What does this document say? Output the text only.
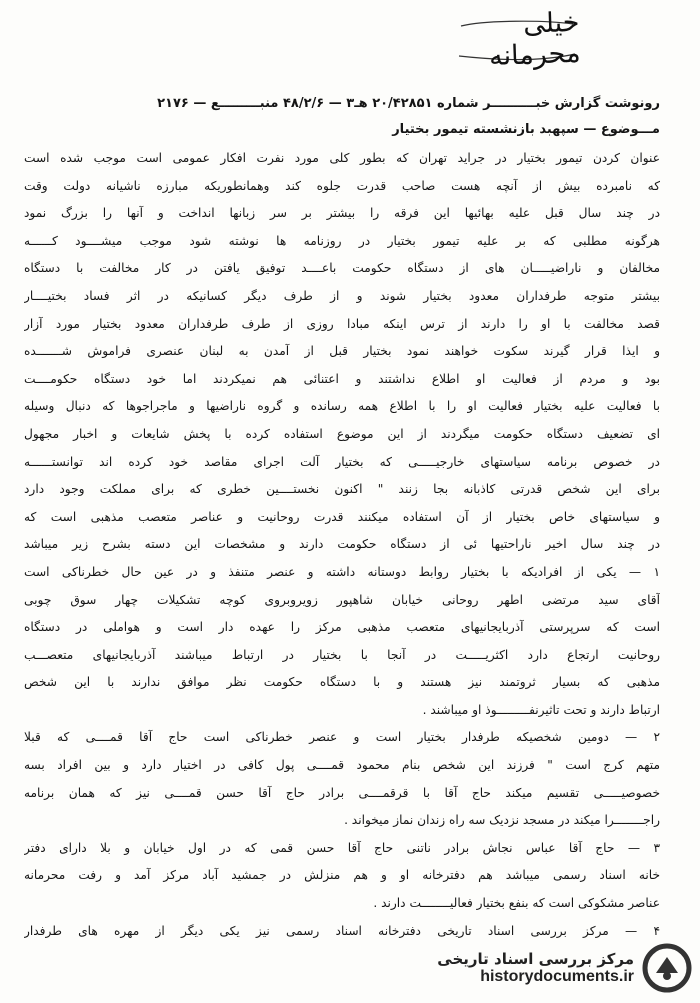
خیلی محرمانه
رونوشت گزارش خبــــــــــر شماره ۲۰/۴۲۸۵۱ هـ۳ — ۴۸/۲/۶ منبـــــــــع — ۲۱۷۶
مـــوضوع — سپهبد بازنشسته تیمور بختیار
عنوان کردن تیمور بختیار در جراید تهران که بطور کلی مورد نفرت افکار عمومی است موجب شده است
که نامبرده بیش از آنچه هست صاحب قدرت جلوه کند وهمانطوریکه مبارزه ناشیانه دولت وقت
در چند سال قبل علیه بهائیها این فرقه را بیشتر بر سر زبانها انداخت و آنها را بزرگ نمود
هرگونه مطلبی که بر علیه تیمور بختیار در روزنامه ها نوشته شود موجب میشــــود کــــــه
مخالفان و ناراضیـــــان های از دستگاه حکومت باعــــد توفیق یافتن در کار مخالفت با دستگاه
بیشتر متوجه طرفداران معدود بختیار شوند و از طرف دیگر کسانیکه در اثر فساد بختیــــار
قصد مخالفت با او را دارند از ترس اینکه مبادا روزی از طرف طرفداران معدود بختیار مورد آزار
و ایذا قرار گیرند سکوت خواهند نمود بختیار قبل از آمدن به لبنان عنصری فراموش شـــــــده
بود و مردم از فعالیت او اطلاع نداشتند و اعتنائی هم نمیکردند اما خود دستگاه حکومــــت
با فعالیت علیه بختیار فعالیت او را با اطلاع همه رسانده و گروه ناراضیها و ماجراجوها که دنبال وسیله
ای تضعیف دستگاه حکومت میگردند از این موضوع استفاده کرده با پخش شایعات و اخبار مجهول
در خصوص برنامه سیاستهای خارجیـــــی که بختیار آلت اجرای مقاصد خود کرده اند توانستــــــه
برای این شخص قدرتی کاذبانه بجا زنند " اکنون نخستــــین خطری که برای مملکت وجود دارد
و سیاستهای خاص بختیار از آن استفاده میکنند قدرت روحانیت و عناصر متعصب مذهبی است که
در چند سال اخیر ناراحتیها ئی از دستگاه حکومت دارند و مشخصات این دسته بشرح زیر میباشد
۱ — یکی از افرادیکه با بختیار روابط دوستانه داشته و عنصر متنفذ و در عین حال خطرناکی است
آقای سید مرتضی اطهر روحانی خیابان شاهپور زویروبروی کوچه تشکیلات چهار سوق چوبی
است که سرپرستی آذربایجانیهای متعصب مذهبی مرکز را عهده دار است و هواملی در دستگاه
روحانیت ارتجاع دارد اکثریـــــت در آنجا با بختیار در ارتباط میباشند آذربایجانیهای متعصـــب
مذهبی که بسیار ثروتمند نیز هستند و با دستگاه حکومت نظر موافق ندارند با این شخص
ارتباط دارند و تحت تاثیرنفـــــــــوذ او میباشند .
۲ — دومین شخصیکه طرفدار بختیار است و عنصر خطرناکی است حاج آقا قمــــی که قبلا
متهم کرج است " فرزند این شخص بنام محمود قمــــی پول کافی در اختیار دارد و بین افراد بسه
خصوصیـــــی تقسیم میکند حاج آقا با قرقمــــی برادر حاج آقا حسن قمــــی نیز که همان برنامه
راجــــــــرا میکند در مسجد نزدیک سه راه زندان نماز میخواند .
۳ — حاج آقا عباس نجاش برادر ناتنی حاج آقا حسن قمی که در اول خیابان و بلا دارای دفتر
خانه اسناد رسمی میباشد هم دفترخانه او و هم منزلش در جمشید آباد مرکز آمد و رفت محرمانه
عناصر مشکوکی است که بنفع بختیار فعالیــــــــت دارند .
۴ — مرکز بررسی اسناد تاریخی دفترخانه اسناد رسمی نیز یکی دیگر از مهره های طرفدار
مرکز بررسی اسناد تاریخی
historydocuments.ir
